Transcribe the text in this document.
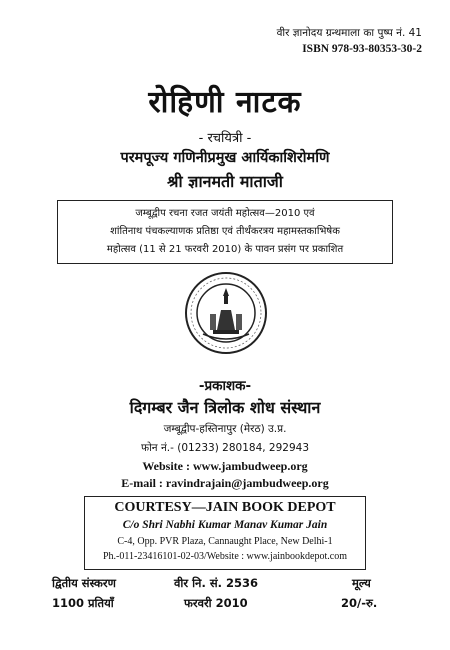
वीर ज्ञानोदय ग्रन्थमाला का पुष्प नं. 41
ISBN 978-93-80353-30-2
रोहिणी नाटक
- रचयित्री -
परमपूज्य गणिनीप्रमुख आर्यिकाशिरोमणि
श्री ज्ञानमती माताजी
जम्बूद्वीप रचना रजत जयंती महोत्सव—2010 एवं
शांतिनाथ पंचकल्याणक प्रतिष्ठा एवं तीर्थंकरत्रय महामस्तकाभिषेक
महोत्सव (11 से 21 फरवरी 2010) के पावन प्रसंग पर प्रकाशित
-प्रकाशक-
दिगम्बर जैन त्रिलोक शोध संस्थान
जम्बूद्वीप-हस्तिनापुर (मेरठ) उ.प्र.
फोन नं.- (01233) 280184, 292943
Website : www.jambudweep.org
E-mail : ravindrajain@jambudweep.org
COURTESY—JAIN BOOK DEPOT
C/o Shri Nabhi Kumar Manav Kumar Jain
C-4, Opp. PVR Plaza, Cannaught Place, New Delhi-1
Ph.-011-23416101-02-03/Website : www.jainbookdepot.com
द्वितीय संस्करण
1100 प्रतियाँ
वीर नि. सं. 2536
फरवरी 2010
मूल्य
20/-रु.
